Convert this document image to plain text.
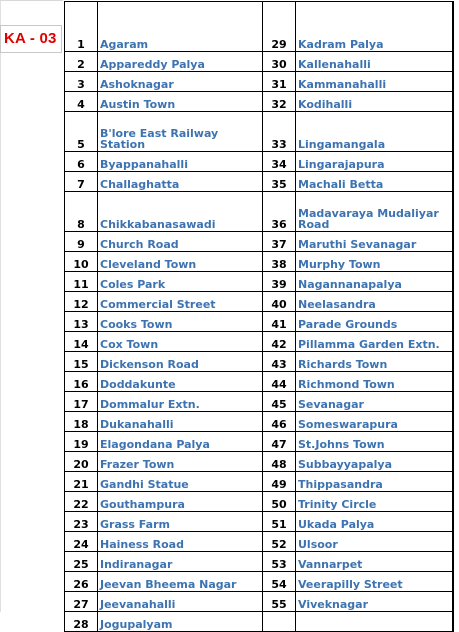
KA - 03 1	Agaram	29	Kadram Palya
2	Appareddy Palya	30	Kallenahalli
3	Ashoknagar	31	Kammanahalli
4	Austin Town	32	Kodihalli
5	B'lore East Railway Station	33	Lingamangala
6	Byappanahalli	34	Lingarajapura
7	Challaghatta	35	Machali Betta
8	Chikkabanasawadi	36	Madavaraya Mudaliyar Road
9	Church Road	37	Maruthi Sevanagar
10	Cleveland Town	38	Murphy Town
11	Coles Park	39	Nagannanapalya
12	Commercial Street	40	Neelasandra
13	Cooks Town	41	Parade Grounds
14	Cox Town	42	Pillamma Garden Extn.
15	Dickenson Road	43	Richards Town
16	Doddakunte	44	Richmond Town
17	Dommalur Extn.	45	Sevanagar
18	Dukanahalli	46	Someswarapura
19	Elagondana Palya	47	St.Johns Town
20	Frazer Town	48	Subbayyapalya
21	Gandhi Statue	49	Thippasandra
22	Gouthampura	50	Trinity Circle
23	Grass Farm	51	Ukada Palya
24	Hainess Road	52	Ulsoor
25	Indiranagar	53	Vannarpet
26	Jeevan Bheema Nagar	54	Veerapilly Street
27	Jeevanahalli	55	Viveknagar
28	Jogupalyam		
